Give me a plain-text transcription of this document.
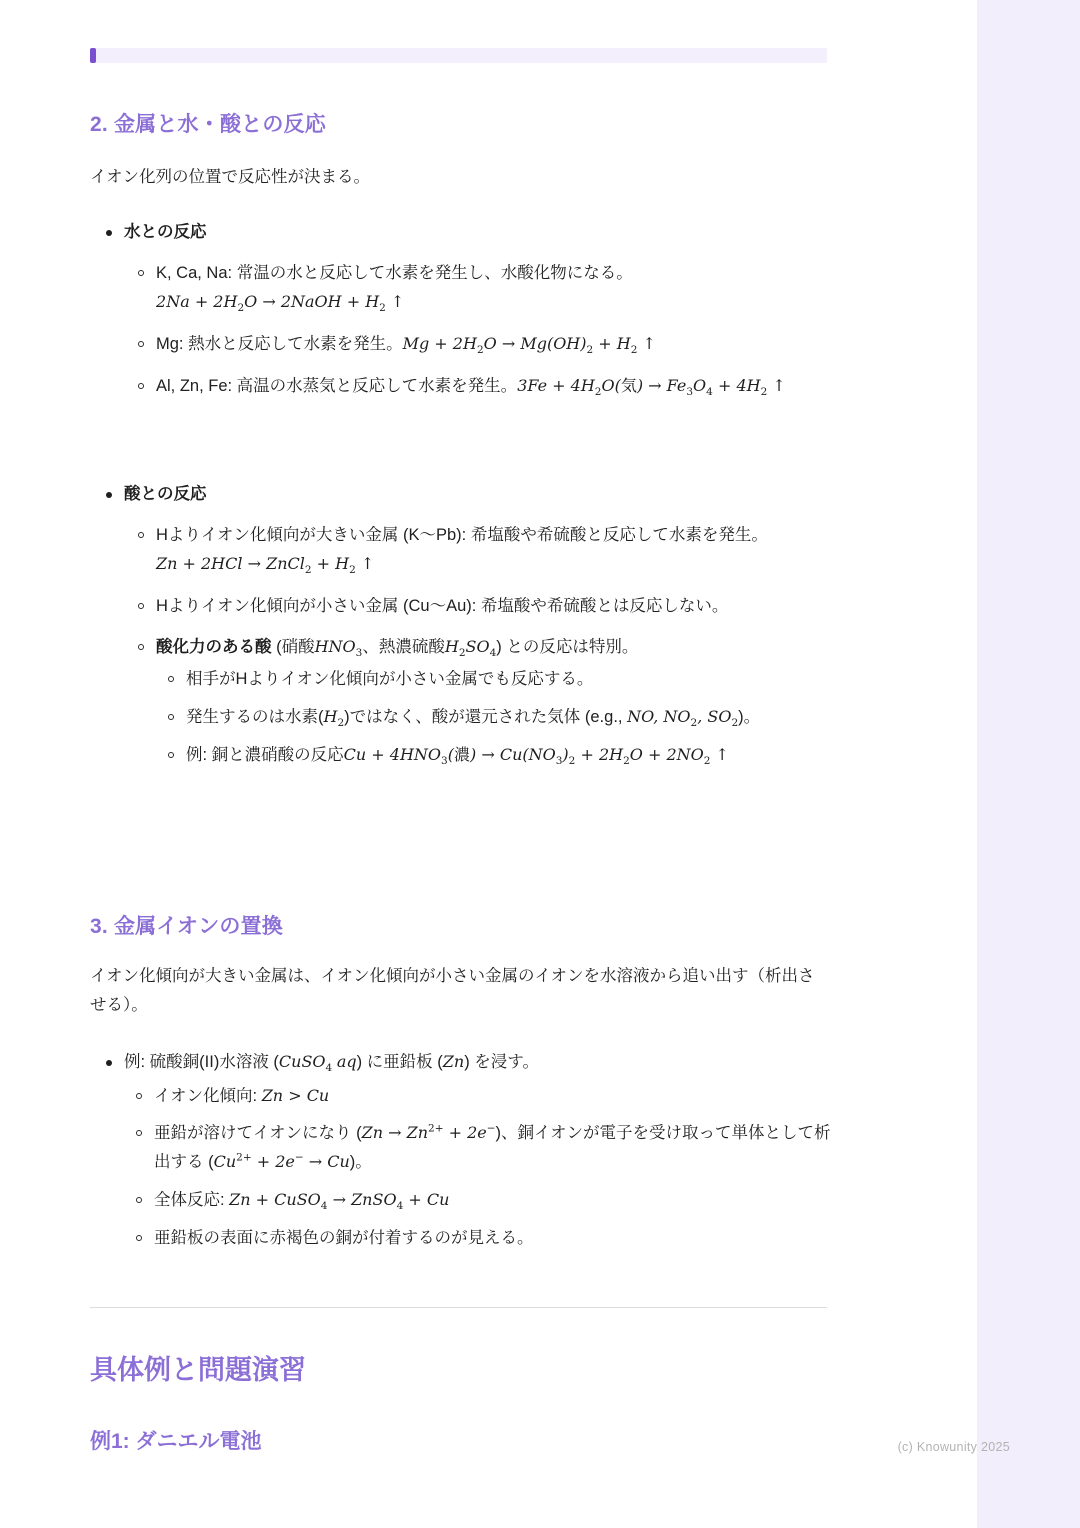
2. 金属と水・酸との反応

イオン化列の位置で反応性が決まる。

水との反応
K, Ca, Na: 常温の水と反応して水素を発生し、水酸化物になる。$2Na + 2H_2O$ → 2NaOH + $H_2$ ↑
Mg: 熱水と反応して水素を発生。$Mg + 2H_2O \to Mg(OH)_2 + H_2$ ↑
Al, Zn, Fe: 高温の水蒸気と反応して水素を発生。$3Fe + 4H_2O$(気) → $Fe_3O_4 + 4H_2$ ↑
酸との反応
Hよりイオン化傾向が大きい金属 (K〜Pb): 希塩酸や希硫酸と反応して水素を発生。Zn + 2HCl → ZnCl$_2$ + $H_2$ ↑
Hよりイオン化傾向が小さい金属 (Cu〜Au): 希塩酸や希硫酸とは反応しない。
酸化力のある酸 (硝酸$HNO_3$、熱濃硫酸$H_2SO_4$) との反応は特別。
相手がHよりイオン化傾向が小さい金属でも反応する。
発生するのは水素$(H_2)$ではなく、酸が還元された気体 (e.g., NO, $NO_2$, $SO_2$)。
例: 銅と濃硝酸の反応$Cu + 4HNO_3$(濃) → $Cu(NO_3)_2 + 2H_2O + 2NO_2$ ↑
3. 金属イオンの置換

イオン化傾向が大きい金属は、イオン化傾向が小さい金属のイオンを水溶液から追い出す（析出させる）。

例: 硫酸銅(II)水溶液 (CuSO$_4$ aq) に亜鉛板 (Zn) を浸す。
イオン化傾向: Zn > Cu
亜鉛が溶けてイオンになり $(Zn \to Zn^{2+} + 2e^-)$、銅イオンが電子を受け取って単体として析出する $(Cu^{2+} + 2e^- \to Cu)$。
全体反応: Zn + CuSO$_4$ → ZnSO$_4$ + Cu
亜鉛板の表面に赤褐色の銅が付着するのが見える。
具体例と問題演習
例1: ダニエル電池	(c) Knowunity 2025
